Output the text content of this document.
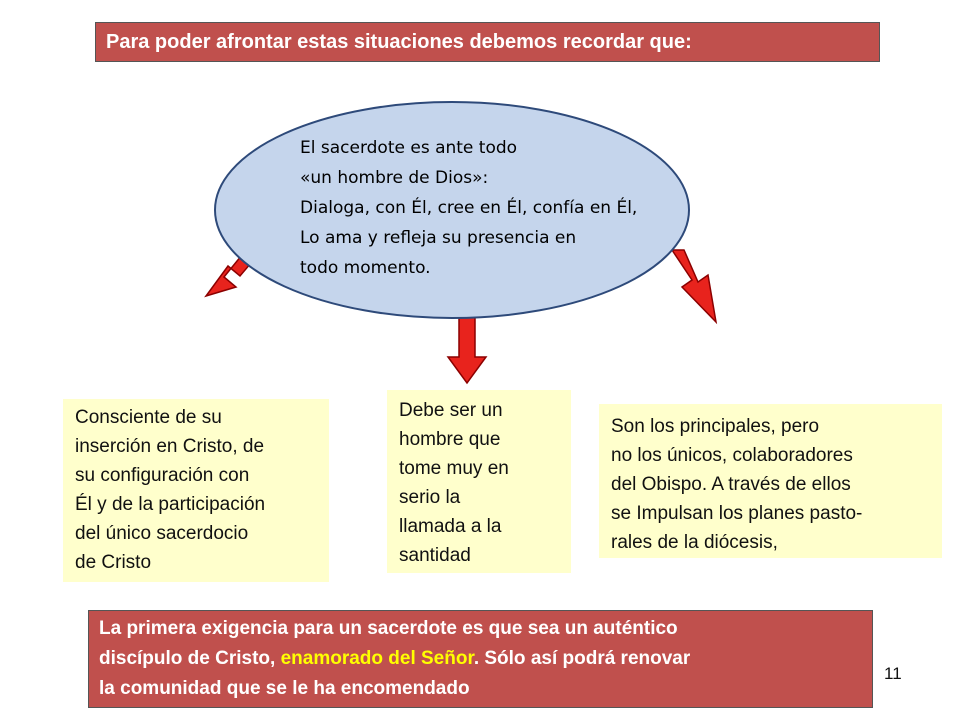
Para poder afrontar estas situaciones debemos recordar que:
El sacerdote es ante todo
«un hombre de Dios»:
Dialoga, con Él, cree en Él, confía en Él,
Lo ama y refleja su presencia en
todo momento.
Consciente de su
inserción en Cristo, de
su configuración con
Él y de la participación
del único sacerdocio
de Cristo
Debe ser un
hombre que
tome muy en
serio la
llamada a la
santidad
Son los principales, pero
no los únicos, colaboradores
del Obispo. A través de ellos
se Impulsan los planes pasto-
rales de la diócesis,
La primera exigencia para un sacerdote es que sea un auténtico
discípulo de Cristo, enamorado del Señor. Sólo así podrá renovar
la comunidad que se le ha encomendado
11
